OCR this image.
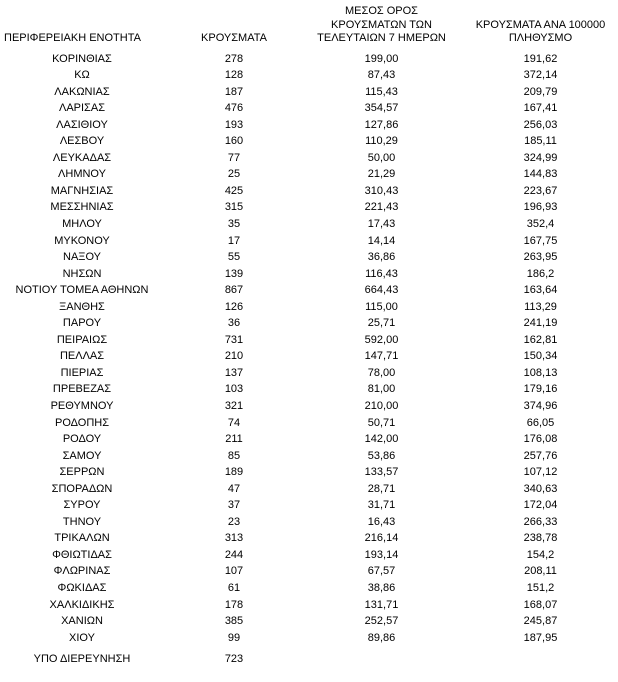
ΠΕΡΙΦΕΡΕΙΑΚΗ ΕΝΟΤΗΤΑ	ΚΡΟΥΣΜΑΤΑ	ΜΕΣΟΣ ΟΡΟΣ
ΚΡΟΥΣΜΑΤΩΝ ΤΩΝ
ΤΕΛΕΥΤΑΙΩΝ 7 ΗΜΕΡΩΝ	ΚΡΟΥΣΜΑΤΑ ΑΝΑ 100000
ΠΛΗΘΥΣΜΟ
ΚΟΡΙΝΘΙΑΣ	278	199,00	191,62
ΚΩ	128	87,43	372,14
ΛΑΚΩΝΙΑΣ	187	115,43	209,79
ΛΑΡΙΣΑΣ	476	354,57	167,41
ΛΑΣΙΘΙΟΥ	193	127,86	256,03
ΛΕΣΒΟΥ	160	110,29	185,11
ΛΕΥΚΑΔΑΣ	77	50,00	324,99
ΛΗΜΝΟΥ	25	21,29	144,83
ΜΑΓΝΗΣΙΑΣ	425	310,43	223,67
ΜΕΣΣΗΝΙΑΣ	315	221,43	196,93
ΜΗΛΟΥ	35	17,43	352,4
ΜΥΚΟΝΟΥ	17	14,14	167,75
ΝΑΞΟΥ	55	36,86	263,95
ΝΗΣΩΝ	139	116,43	186,2
ΝΟΤΙΟΥ ΤΟΜΕΑ ΑΘΗΝΩΝ	867	664,43	163,64
ΞΑΝΘΗΣ	126	115,00	113,29
ΠΑΡΟΥ	36	25,71	241,19
ΠΕΙΡΑΙΩΣ	731	592,00	162,81
ΠΕΛΛΑΣ	210	147,71	150,34
ΠΙΕΡΙΑΣ	137	78,00	108,13
ΠΡΕΒΕΖΑΣ	103	81,00	179,16
ΡΕΘΥΜΝΟΥ	321	210,00	374,96
ΡΟΔΟΠΗΣ	74	50,71	66,05
ΡΟΔΟΥ	211	142,00	176,08
ΣΑΜΟΥ	85	53,86	257,76
ΣΕΡΡΩΝ	189	133,57	107,12
ΣΠΟΡΑΔΩΝ	47	28,71	340,63
ΣΥΡΟΥ	37	31,71	172,04
ΤΗΝΟΥ	23	16,43	266,33
ΤΡΙΚΑΛΩΝ	313	216,14	238,78
ΦΘΙΩΤΙΔΑΣ	244	193,14	154,2
ΦΛΩΡΙΝΑΣ	107	67,57	208,11
ΦΩΚΙΔΑΣ	61	38,86	151,2
ΧΑΛΚΙΔΙΚΗΣ	178	131,71	168,07
ΧΑΝΙΩΝ	385	252,57	245,87
ΧΙΟΥ	99	89,86	187,95
ΥΠΟ ΔΙΕΡΕΥΝΗΣΗ	723		
